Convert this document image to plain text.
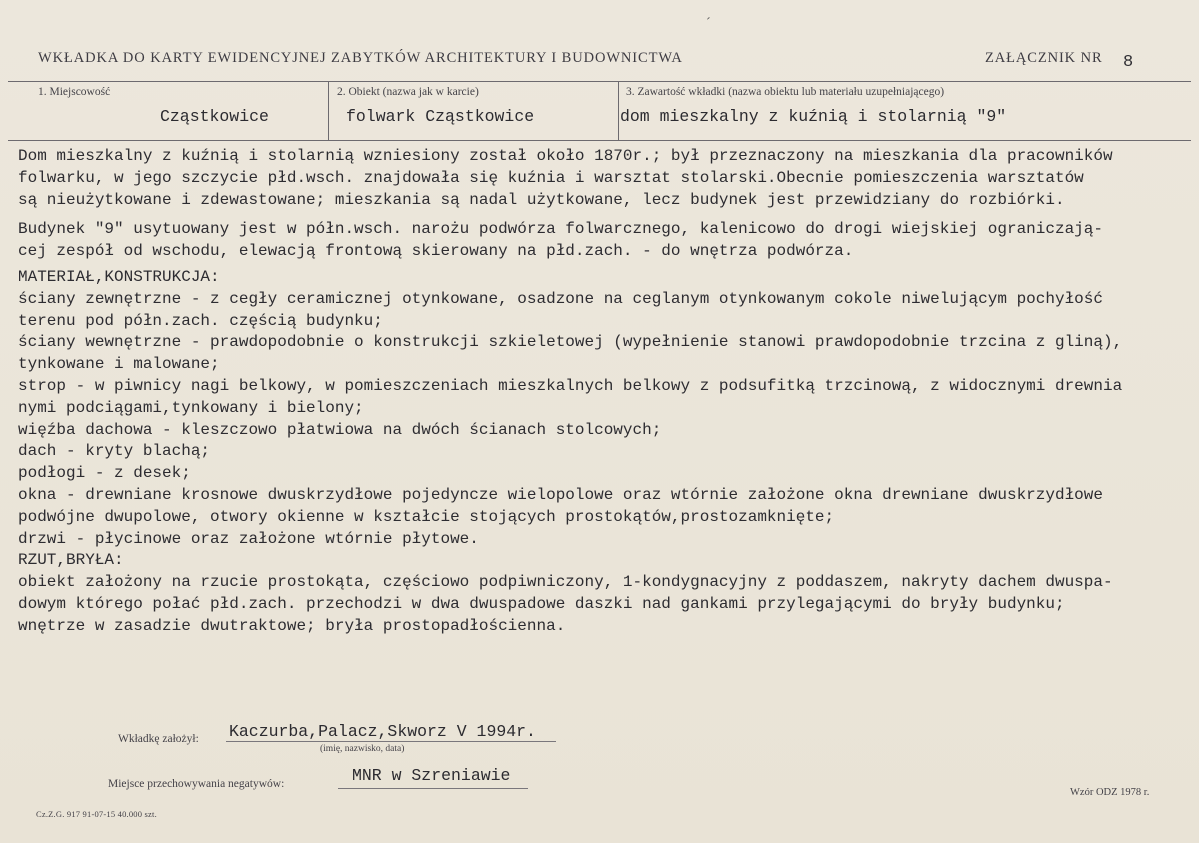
ˊ
WKŁADKA DO KARTY EWIDENCYJNEJ ZABYTKÓW ARCHITEKTURY I BUDOWNICTWA	ZAŁĄCZNIK NR 8
1. Miejscowość
Cząstkowice
2. Obiekt (nazwa jak w karcie)
folwark Cząstkowice
3. Zawartość wkładki (nazwa obiektu lub materiału uzupełniającego)
dom mieszkalny z kuźnią i stolarnią "9"

Dom mieszkalny z kuźnią i stolarnią wzniesiony został około 1870r.; był przeznaczony na mieszkania dla pracowników

folwarku, w jego szczycie płd.wsch. znajdowała się kuźnia i warsztat stolarski.Obecnie pomieszczenia warsztatów

są nieużytkowane i zdewastowane; mieszkania są nadal użytkowane, lecz budynek jest przewidziany do rozbiórki.

Budynek "9" usytuowany jest w półn.wsch. narożu podwórza folwarcznego, kalenicowo do drogi wiejskiej ograniczają-

cej zespół od wschodu, elewacją frontową skierowany na płd.zach. - do wnętrza podwórza.

MATERIAŁ,KONSTRUKCJA:

ściany zewnętrzne - z cegły ceramicznej otynkowane, osadzone na ceglanym otynkowanym cokole niwelującym pochyłość

terenu pod półn.zach. częścią budynku;

ściany wewnętrzne - prawdopodobnie o konstrukcji szkieletowej (wypełnienie stanowi prawdopodobnie trzcina z gliną),

tynkowane i malowane;

strop - w piwnicy nagi belkowy, w pomieszczeniach mieszkalnych belkowy z podsufitką trzcinową, z widocznymi drewnia

nymi podciągami,tynkowany i bielony;

więźba dachowa - kleszczowo płatwiowa na dwóch ścianach stolcowych;

dach - kryty blachą;

podłogi - z desek;

okna - drewniane krosnowe dwuskrzydłowe pojedyncze wielopolowe oraz wtórnie założone okna drewniane dwuskrzydłowe

podwójne dwupolowe, otwory okienne w kształcie stojących prostokątów,prostozamknięte;

drzwi - płycinowe oraz założone wtórnie płytowe.

RZUT,BRYŁA:

obiekt założony na rzucie prostokąta, częściowo podpiwniczony, 1-kondygnacyjny z poddaszem, nakryty dachem dwuspa-

dowym którego połać płd.zach. przechodzi w dwa dwuspadowe daszki nad gankami przylegającymi do bryły budynku;

wnętrze w zasadzie dwutraktowe; bryła prostopadłościenna.

Wkładkę założył: Kaczurba,Palacz,Skworz V 1994r.
(imię, nazwisko, data)
Miejsce przechowywania negatywów:	MNR w Szreniawie
Cz.Z.G. 917 91-07-15 40.000 szt.
Wzór ODZ 1978 r.
